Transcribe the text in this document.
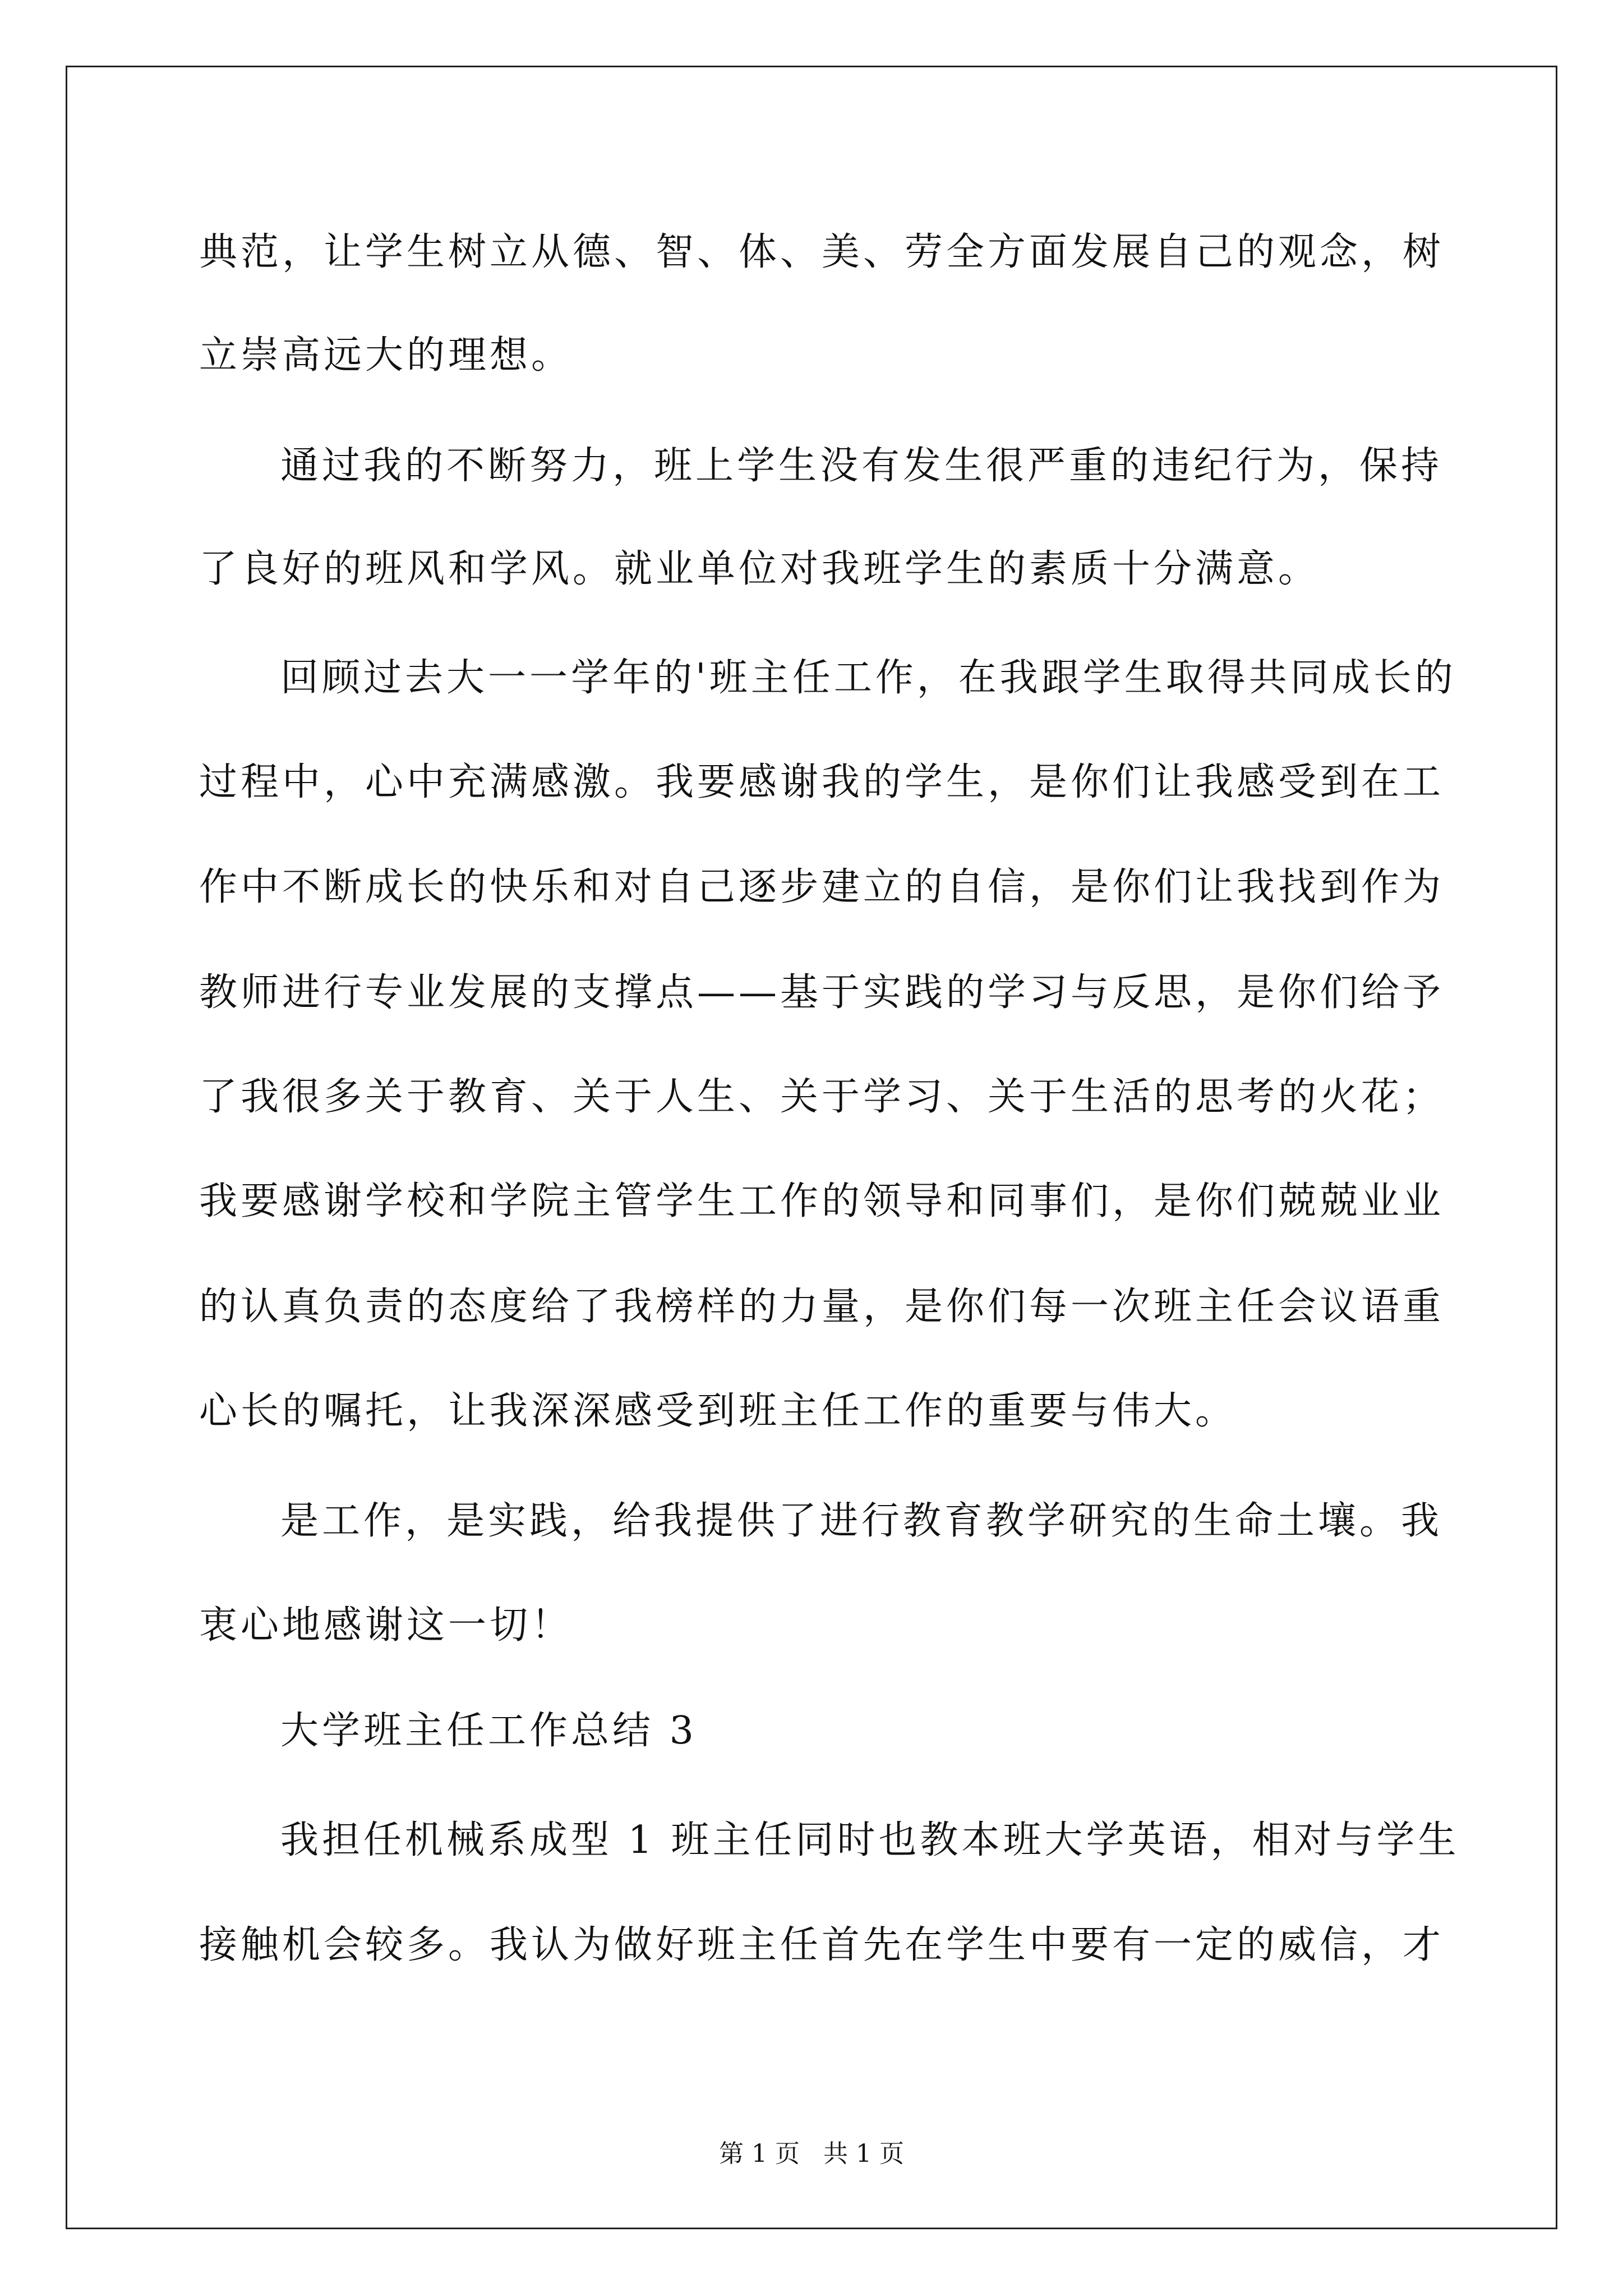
典范，让学生树立从德、智、体、美、劳全方面发展自己的观念，树

立崇高远大的理想。

通过我的不断努力，班上学生没有发生很严重的违纪行为，保持

了良好的班风和学风。就业单位对我班学生的素质十分满意。

回顾过去大一一学年的'班主任工作，在我跟学生取得共同成长的

过程中，心中充满感激。我要感谢我的学生，是你们让我感受到在工

作中不断成长的快乐和对自己逐步建立的自信，是你们让我找到作为

教师进行专业发展的支撑点——基于实践的学习与反思，是你们给予

了我很多关于教育、关于人生、关于学习、关于生活的思考的火花；

我要感谢学校和学院主管学生工作的领导和同事们，是你们兢兢业业

的认真负责的态度给了我榜样的力量，是你们每一次班主任会议语重

心长的嘱托，让我深深感受到班主任工作的重要与伟大。

是工作，是实践，给我提供了进行教育教学研究的生命土壤。我

衷心地感谢这一切！

大学班主任工作总结 3

我担任机械系成型 1 班主任同时也教本班大学英语，相对与学生

接触机会较多。我认为做好班主任首先在学生中要有一定的威信，才

第 1 页   共 1 页
